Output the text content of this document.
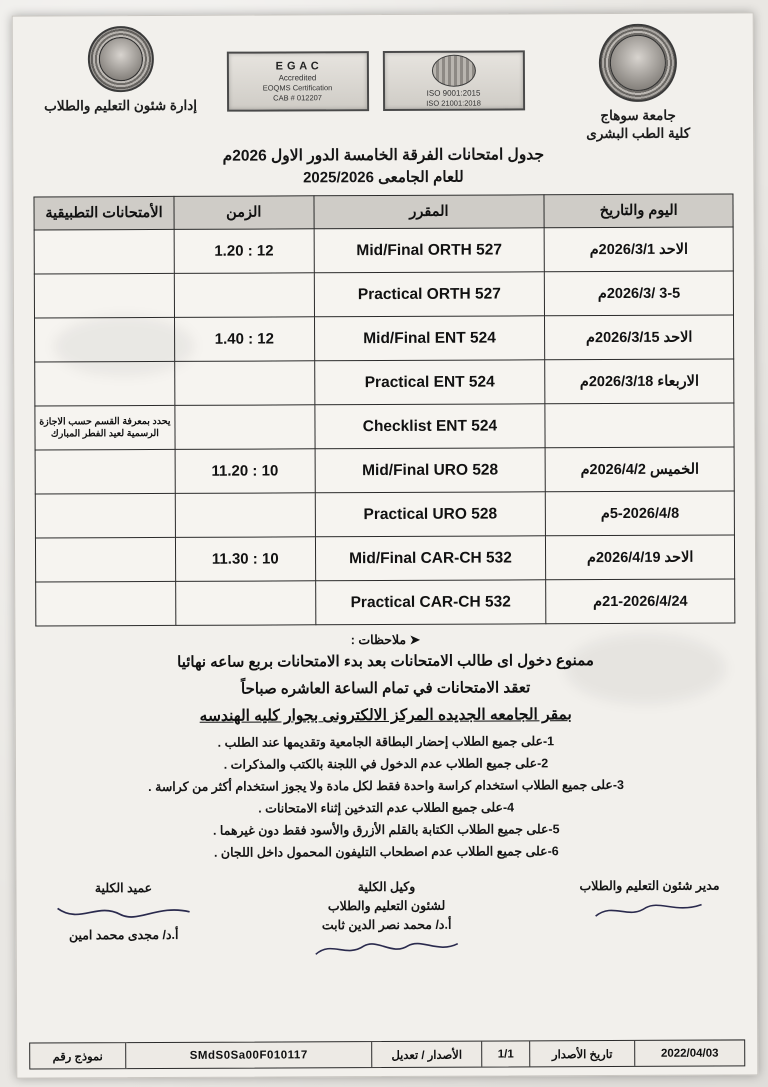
جامعة سوهاج
كلية الطب البشرى
ISO 9001:2015
ISO 21001:2018
E G A C
Accredited
EOQMS Certification
CAB # 012207
إدارة شئون التعليم والطلاب
جدول امتحانات الفرقة الخامسة الدور الاول 2026م
للعام الجامعى 2025/2026
اليوم والتاريخ	المقرر	الزمن	الأمتحانات التطبيقية
الاحد 2026/3/1م	Mid/Final ORTH 527	12 : 1.20	
3-5 /2026/3م	Practical ORTH 527		
الاحد 2026/3/15م	Mid/Final ENT 524	12 : 1.40	
الاربعاء 2026/3/18م	Practical ENT 524		
	Checklist ENT 524		يحدد بمعرفة القسم حسب الاجازة الرسمية لعيد الفطر المبارك
الخميس 2026/4/2م	Mid/Final URO 528	10 : 11.20	
5-2026/4/8م	Practical URO 528		
الاحد 2026/4/19م	Mid/Final CAR-CH 532	10 : 11.30	
21-2026/4/24م	Practical CAR-CH 532		
➤ ملاحظات :
ممنوع دخول اى طالب الامتحانات بعد بدء الامتحانات بربع ساعه نهائيا
تعقد الامتحانات في تمام الساعة العاشره صباحاً
بمقر الجامعه الجديده المركز الالكترونى بجوار كليه الهندسه
1-على جميع الطلاب إحضار البطاقة الجامعية وتقديمها عند الطلب .
2-على جميع الطلاب عدم الدخول في اللجنة بالكتب والمذكرات .
3-على جميع الطلاب استخدام كراسة واحدة فقط لكل مادة ولا يجوز استخدام أكثر من كراسة .
4-على جميع الطلاب عدم التدخين إثناء الامتحانات .
5-على جميع الطلاب الكتابة بالقلم الأزرق والأسود فقط دون غيرهما .
6-على جميع الطلاب عدم اصطحاب التليفون المحمول داخل اللجان .
مدير شئون التعليم والطلاب
وكيل الكلية
لشئون التعليم والطلاب
أ.د/ محمد نصر الدين ثابت
عميد الكلية
أ.د/ مجدى محمد امين
2022/04/03
تاريخ الأصدار
1/1
الأصدار / تعديل
SMdS0Sa00F010117
نموذج رقم
